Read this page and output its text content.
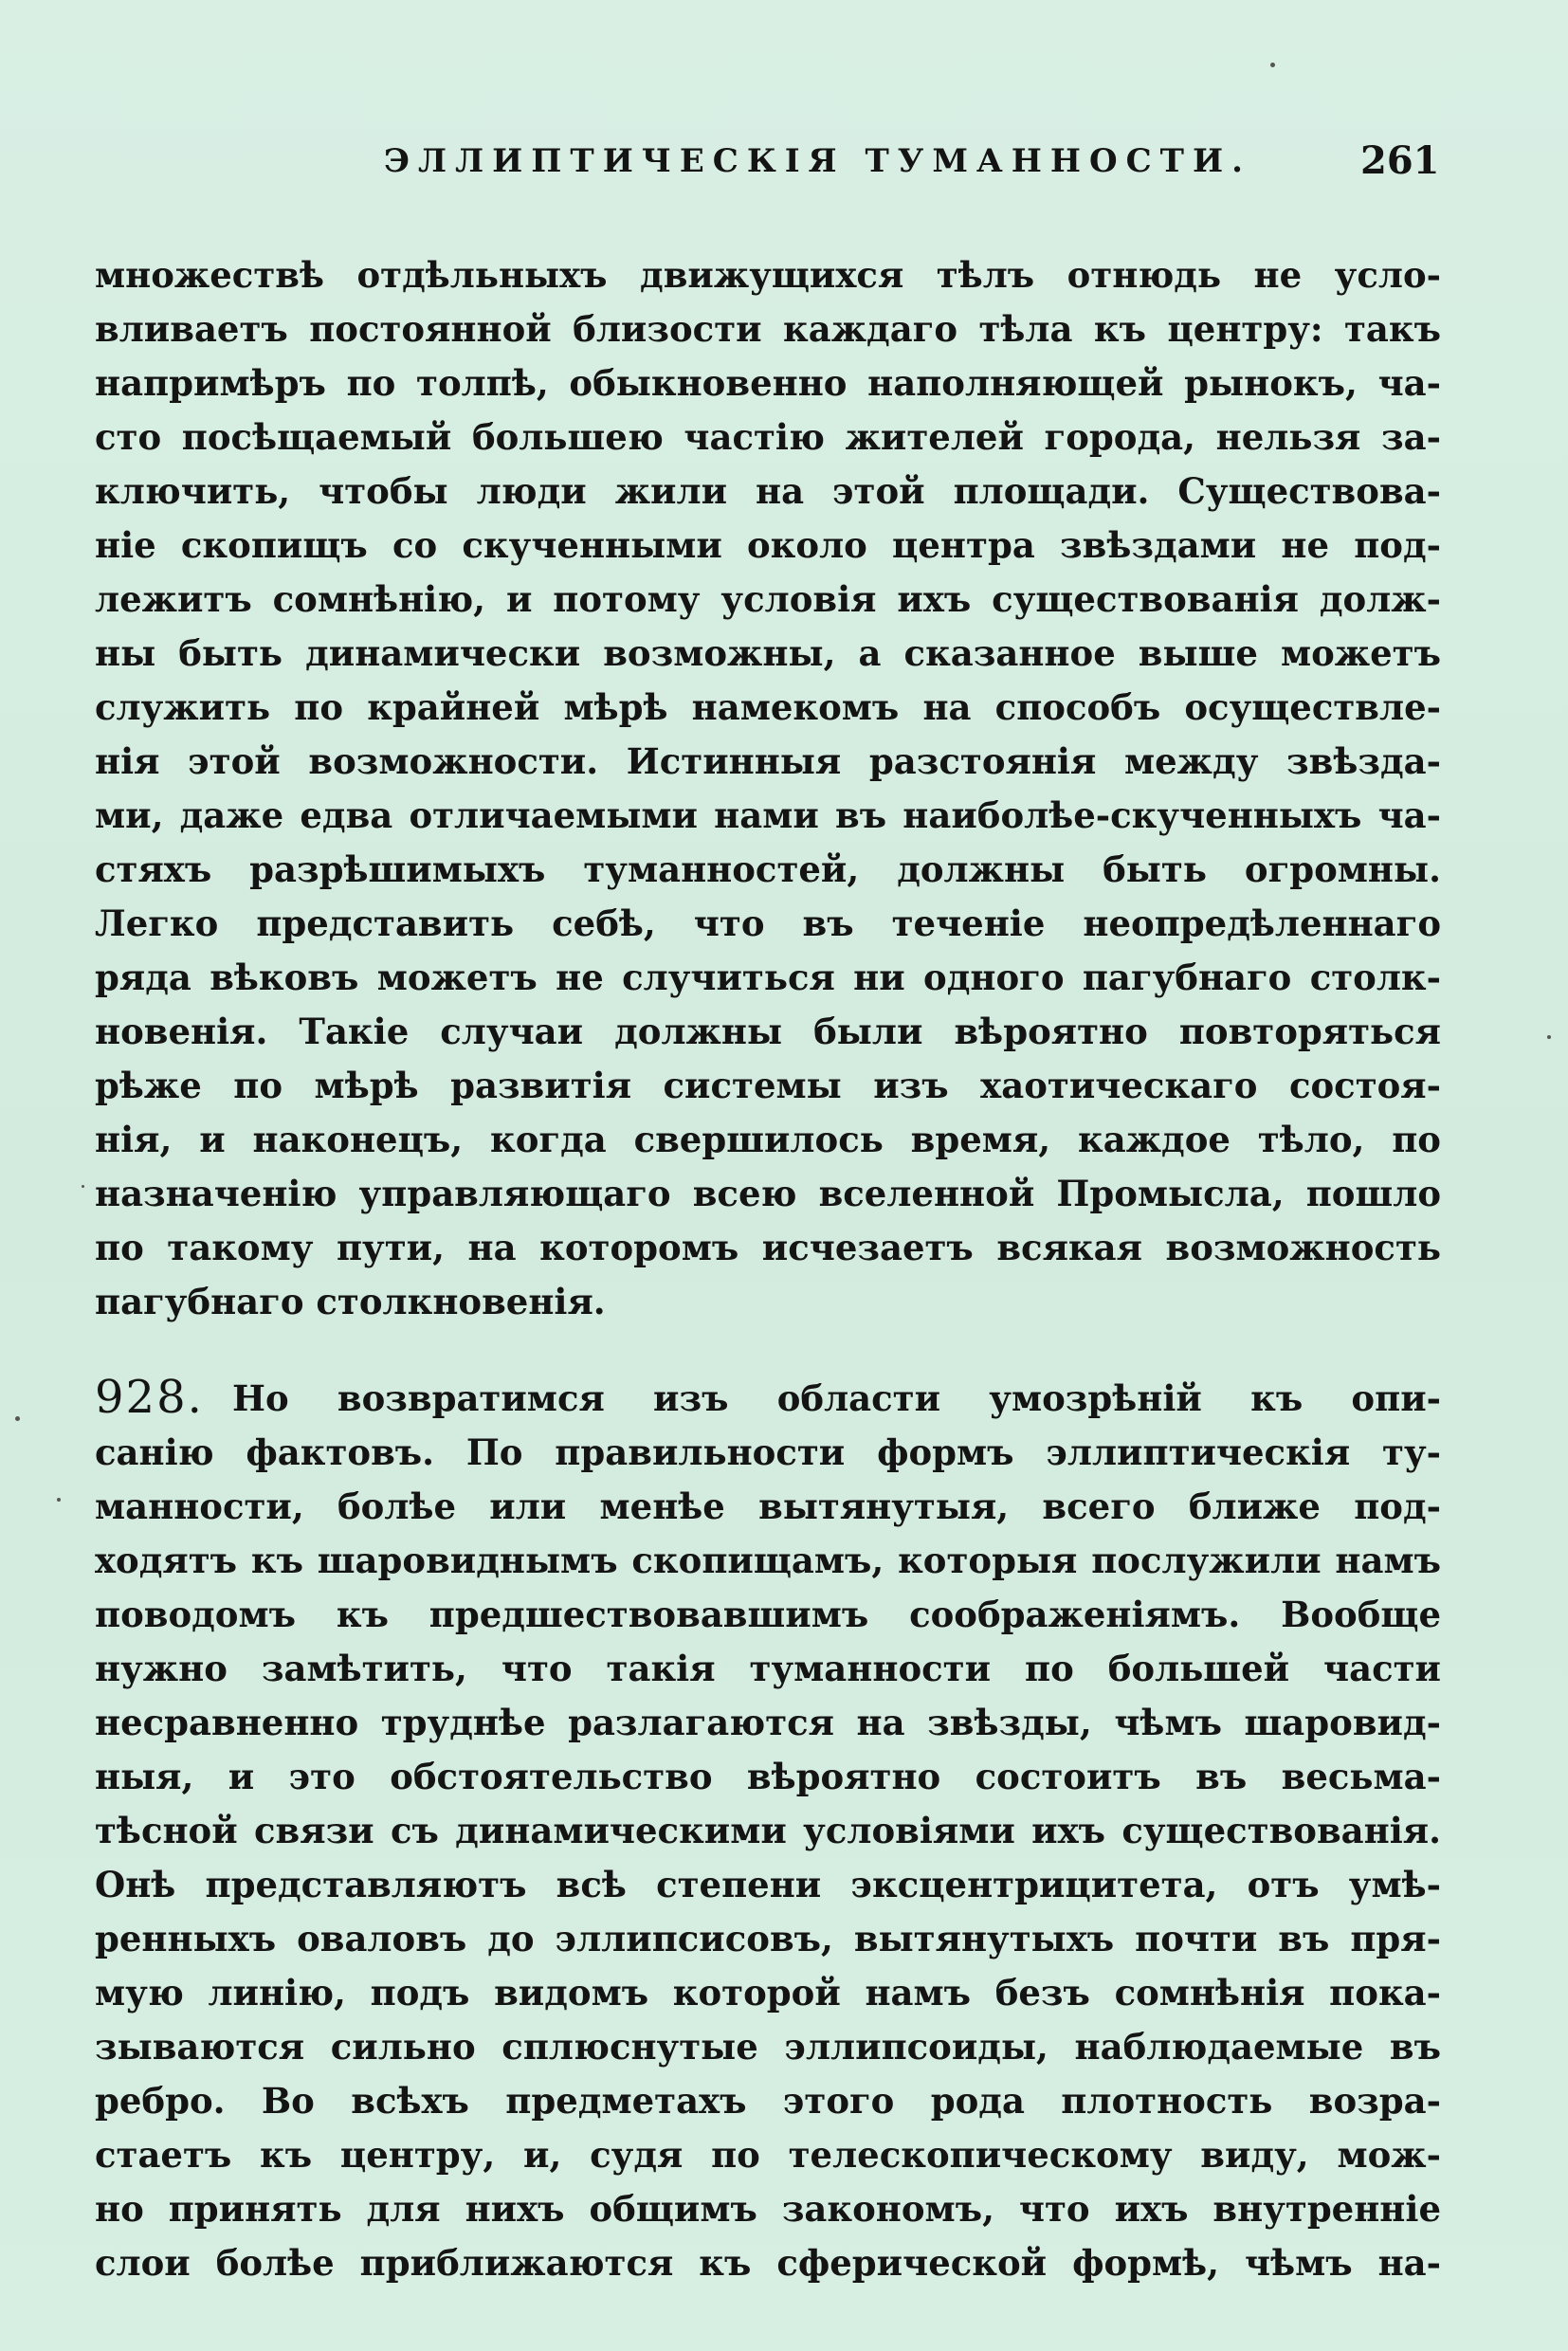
ЭЛЛИПТИЧЕСКІЯ ТУМАННОСТИ.	261
множествѣ отдѣльныхъ движущихся тѣлъ отнюдь не усло-
вливаетъ постоянной близости каждаго тѣла къ центру: такъ
напримѣръ по толпѣ, обыкновенно наполняющей рынокъ, ча-
сто посѣщаемый большею частію жителей города, нельзя за-
ключить, чтобы люди жили на этой площади. Существова-
ніе скопищъ со скученными около центра звѣздами не под-
лежитъ сомнѣнію, и потому условія ихъ существованія долж-
ны быть динамически возможны, а сказанное выше можетъ
служить по крайней мѣрѣ намекомъ на способъ осуществле-
нія этой возможности. Истинныя разстоянія между звѣзда-
ми, даже едва отличаемыми нами въ наиболѣе-скученныхъ ча-
стяхъ разрѣшимыхъ туманностей, должны быть огромны.
Легко представить себѣ, что въ теченіе неопредѣленнаго
ряда вѣковъ можетъ не случиться ни одного пагубнаго столк-
новенія. Такіе случаи должны были вѣроятно повторяться
рѣже по мѣрѣ развитія системы изъ хаотическаго состоя-
нія, и наконецъ, когда свершилось время, каждое тѣло, по
назначенію управляющаго всею вселенной Промысла, пошло
по такому пути, на которомъ исчезаетъ всякая возможность
пагубнаго столкновенія.
Но возвратимся изъ области умозрѣній къ опи-
санію фактовъ. По правильности формъ эллиптическія ту-
манности, болѣе или менѣе вытянутыя, всего ближе под-
ходятъ къ шаровиднымъ скопищамъ, которыя послужили намъ
поводомъ къ предшествовавшимъ соображеніямъ. Вообще
нужно замѣтить, что такія туманности по большей части
несравненно труднѣе разлагаются на звѣзды, чѣмъ шаровид-
ныя, и это обстоятельство вѣроятно состоитъ въ весьма-
тѣсной связи съ динамическими условіями ихъ существованія.
Онѣ представляютъ всѣ степени эксцентрицитета, отъ умѣ-
ренныхъ оваловъ до эллипсисовъ, вытянутыхъ почти въ пря-
мую линію, подъ видомъ которой намъ безъ сомнѣнія пока-
зываются сильно сплюснутые эллипсоиды, наблюдаемые въ
ребро. Во всѣхъ предметахъ этого рода плотность возра-
стаетъ къ центру, и, судя по телескопическому виду, мож-
но принять для нихъ общимъ закономъ, что ихъ внутренніе
слои болѣе приближаются къ сферической формѣ, чѣмъ на-
928.
